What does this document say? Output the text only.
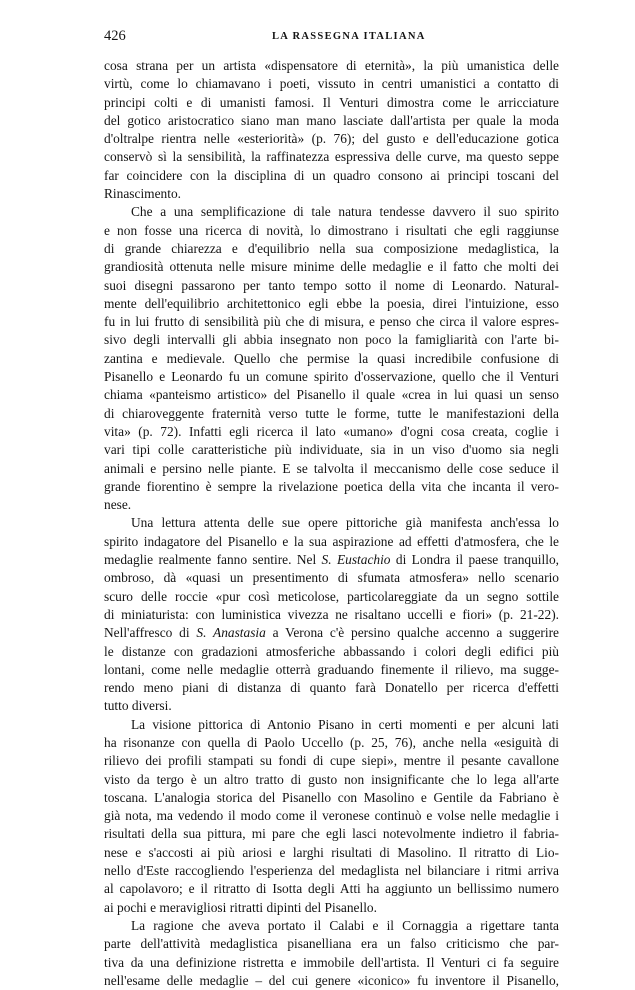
426	LA RASSEGNA ITALIANA
cosa strana per un artista «dispensatore di eternità», la più umanistica delle
virtù, come lo chiamavano i poeti, vissuto in centri umanistici a contatto di
principi colti e di umanisti famosi. Il Venturi dimostra come le arricciature
del gotico aristocratico siano man mano lasciate dall'artista per quale la moda
d'oltralpe rientra nelle «esteriorità» (p. 76); del gusto e dell'educazione gotica
conservò sì la sensibilità, la raffinatezza espressiva delle curve, ma questo seppe
far coincidere con la disciplina di un quadro consono ai principi toscani del
Rinascimento.
Che a una semplificazione di tale natura tendesse davvero il suo spirito
e non fosse una ricerca di novità, lo dimostrano i risultati che egli raggiunse
di grande chiarezza e d'equilibrio nella sua composizione medaglistica, la
grandiosità ottenuta nelle misure minime delle medaglie e il fatto che molti dei
suoi disegni passarono per tanto tempo sotto il nome di Leonardo. Natural-
mente dell'equilibrio architettonico egli ebbe la poesia, direi l'intuizione, esso
fu in lui frutto di sensibilità più che di misura, e penso che circa il valore espres-
sivo degli intervalli gli abbia insegnato non poco la famigliarità con l'arte bi-
zantina e medievale. Quello che permise la quasi incredibile confusione di
Pisanello e Leonardo fu un comune spirito d'osservazione, quello che il Venturi
chiama «panteismo artistico» del Pisanello il quale «crea in lui quasi un senso
di chiaroveggente fraternità verso tutte le forme, tutte le manifestazioni della
vita» (p. 72). Infatti egli ricerca il lato «umano» d'ogni cosa creata, coglie i
vari tipi colle caratteristiche più individuate, sia in un viso d'uomo sia negli
animali e persino nelle piante. E se talvolta il meccanismo delle cose seduce il
grande fiorentino è sempre la rivelazione poetica della vita che incanta il vero-
nese.
Una lettura attenta delle sue opere pittoriche già manifesta anch'essa lo
spirito indagatore del Pisanello e la sua aspirazione ad effetti d'atmosfera, che le
medaglie realmente fanno sentire. Nel S. Eustachio di Londra il paese tranquillo,
ombroso, dà «quasi un presentimento di sfumata atmosfera» nello scenario
scuro delle roccie «pur così meticolose, particolareggiate da un segno sottile
di miniaturista: con luministica vivezza ne risaltano uccelli e fiori» (p. 21-22).
Nell'affresco di S. Anastasia a Verona c'è persino qualche accenno a suggerire
le distanze con gradazioni atmosferiche abbassando i colori degli edifici più
lontani, come nelle medaglie otterrà graduando finemente il rilievo, ma sugge-
rendo meno piani di distanza di quanto farà Donatello per ricerca d'effetti
tutto diversi.
La visione pittorica di Antonio Pisano in certi momenti e per alcuni lati
ha risonanze con quella di Paolo Uccello (p. 25, 76), anche nella «esiguità di
rilievo dei profili stampati su fondi di cupe siepi», mentre il pesante cavallone
visto da tergo è un altro tratto di gusto non insignificante che lo lega all'arte
toscana. L'analogia storica del Pisanello con Masolino e Gentile da Fabriano è
già nota, ma vedendo il modo come il veronese continuò e volse nelle medaglie i
risultati della sua pittura, mi pare che egli lasci notevolmente indietro il fabria-
nese e s'accosti ai più ariosi e larghi risultati di Masolino. Il ritratto di Lio-
nello d'Este raccogliendo l'esperienza del medaglista nel bilanciare i ritmi arriva
al capolavoro; e il ritratto di Isotta degli Atti ha aggiunto un bellissimo numero
ai pochi e meravigliosi ritratti dipinti del Pisanello.
La ragione che aveva portato il Calabi e il Cornaggia a rigettare tanta
parte dell'attività medaglistica pisanelliana era un falso criticismo che par-
tiva da una definizione ristretta e immobile dell'artista. Il Venturi ci fa seguire
nell'esame delle medaglie – del cui genere «iconico» fu inventore il Pisanello,
